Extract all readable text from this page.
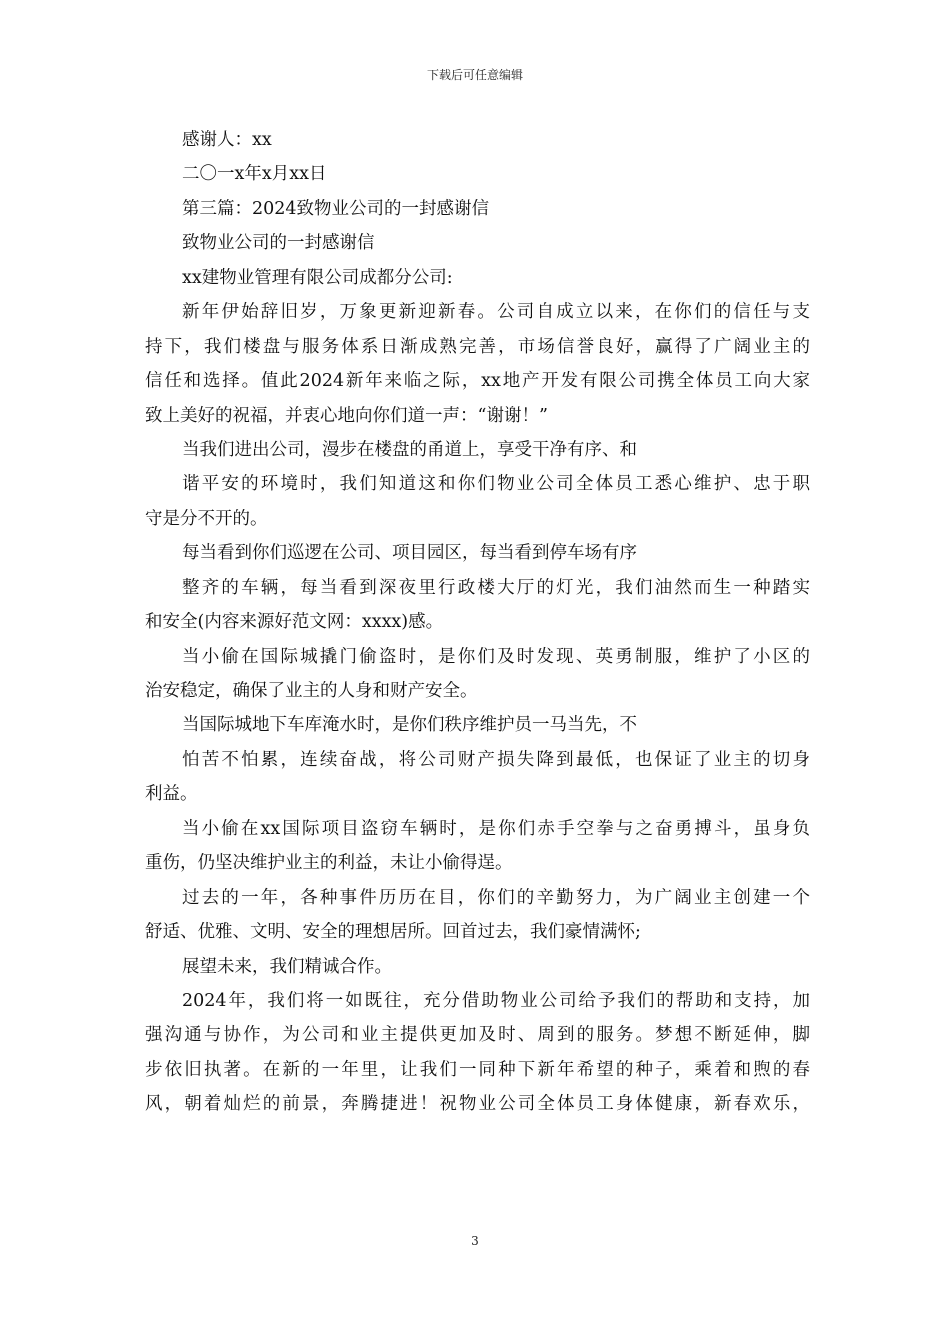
下载后可任意编辑
感谢人：xx
二〇一x年x月xx日
第三篇：2024致物业公司的一封感谢信
致物业公司的一封感谢信
xx建物业管理有限公司成都分公司:
新年伊始辞旧岁，万象更新迎新春。公司自成立以来，在你们的信任与支
持下，我们楼盘与服务体系日渐成熟完善，市场信誉良好，赢得了广阔业主的
信任和选择。值此2024新年来临之际，xx地产开发有限公司携全体员工向大家
致上美好的祝福，并衷心地向你们道一声：“谢谢！”
当我们进出公司，漫步在楼盘的甬道上，享受干净有序、和
谐平安的环境时，我们知道这和你们物业公司全体员工悉心维护、忠于职
守是分不开的。
每当看到你们巡逻在公司、项目园区，每当看到停车场有序
整齐的车辆，每当看到深夜里行政楼大厅的灯光，我们油然而生一种踏实
和安全(内容来源好范文网：xxxx)感。
当小偷在国际城撬门偷盗时，是你们及时发现、英勇制服，维护了小区的
治安稳定，确保了业主的人身和财产安全。
当国际城地下车库淹水时，是你们秩序维护员一马当先，不
怕苦不怕累，连续奋战，将公司财产损失降到最低，也保证了业主的切身
利益。
当小偷在xx国际项目盗窃车辆时，是你们赤手空拳与之奋勇搏斗，虽身负
重伤，仍坚决维护业主的利益，未让小偷得逞。
过去的一年，各种事件历历在目，你们的辛勤努力，为广阔业主创建一个
舒适、优雅、文明、安全的理想居所。回首过去，我们豪情满怀;
展望未来，我们精诚合作。
2024年，我们将一如既往，充分借助物业公司给予我们的帮助和支持，加
强沟通与协作，为公司和业主提供更加及时、周到的服务。梦想不断延伸，脚
步依旧执著。在新的一年里，让我们一同种下新年希望的种子，乘着和煦的春
风，朝着灿烂的前景，奔腾捷进！祝物业公司全体员工身体健康，新春欢乐，
3
